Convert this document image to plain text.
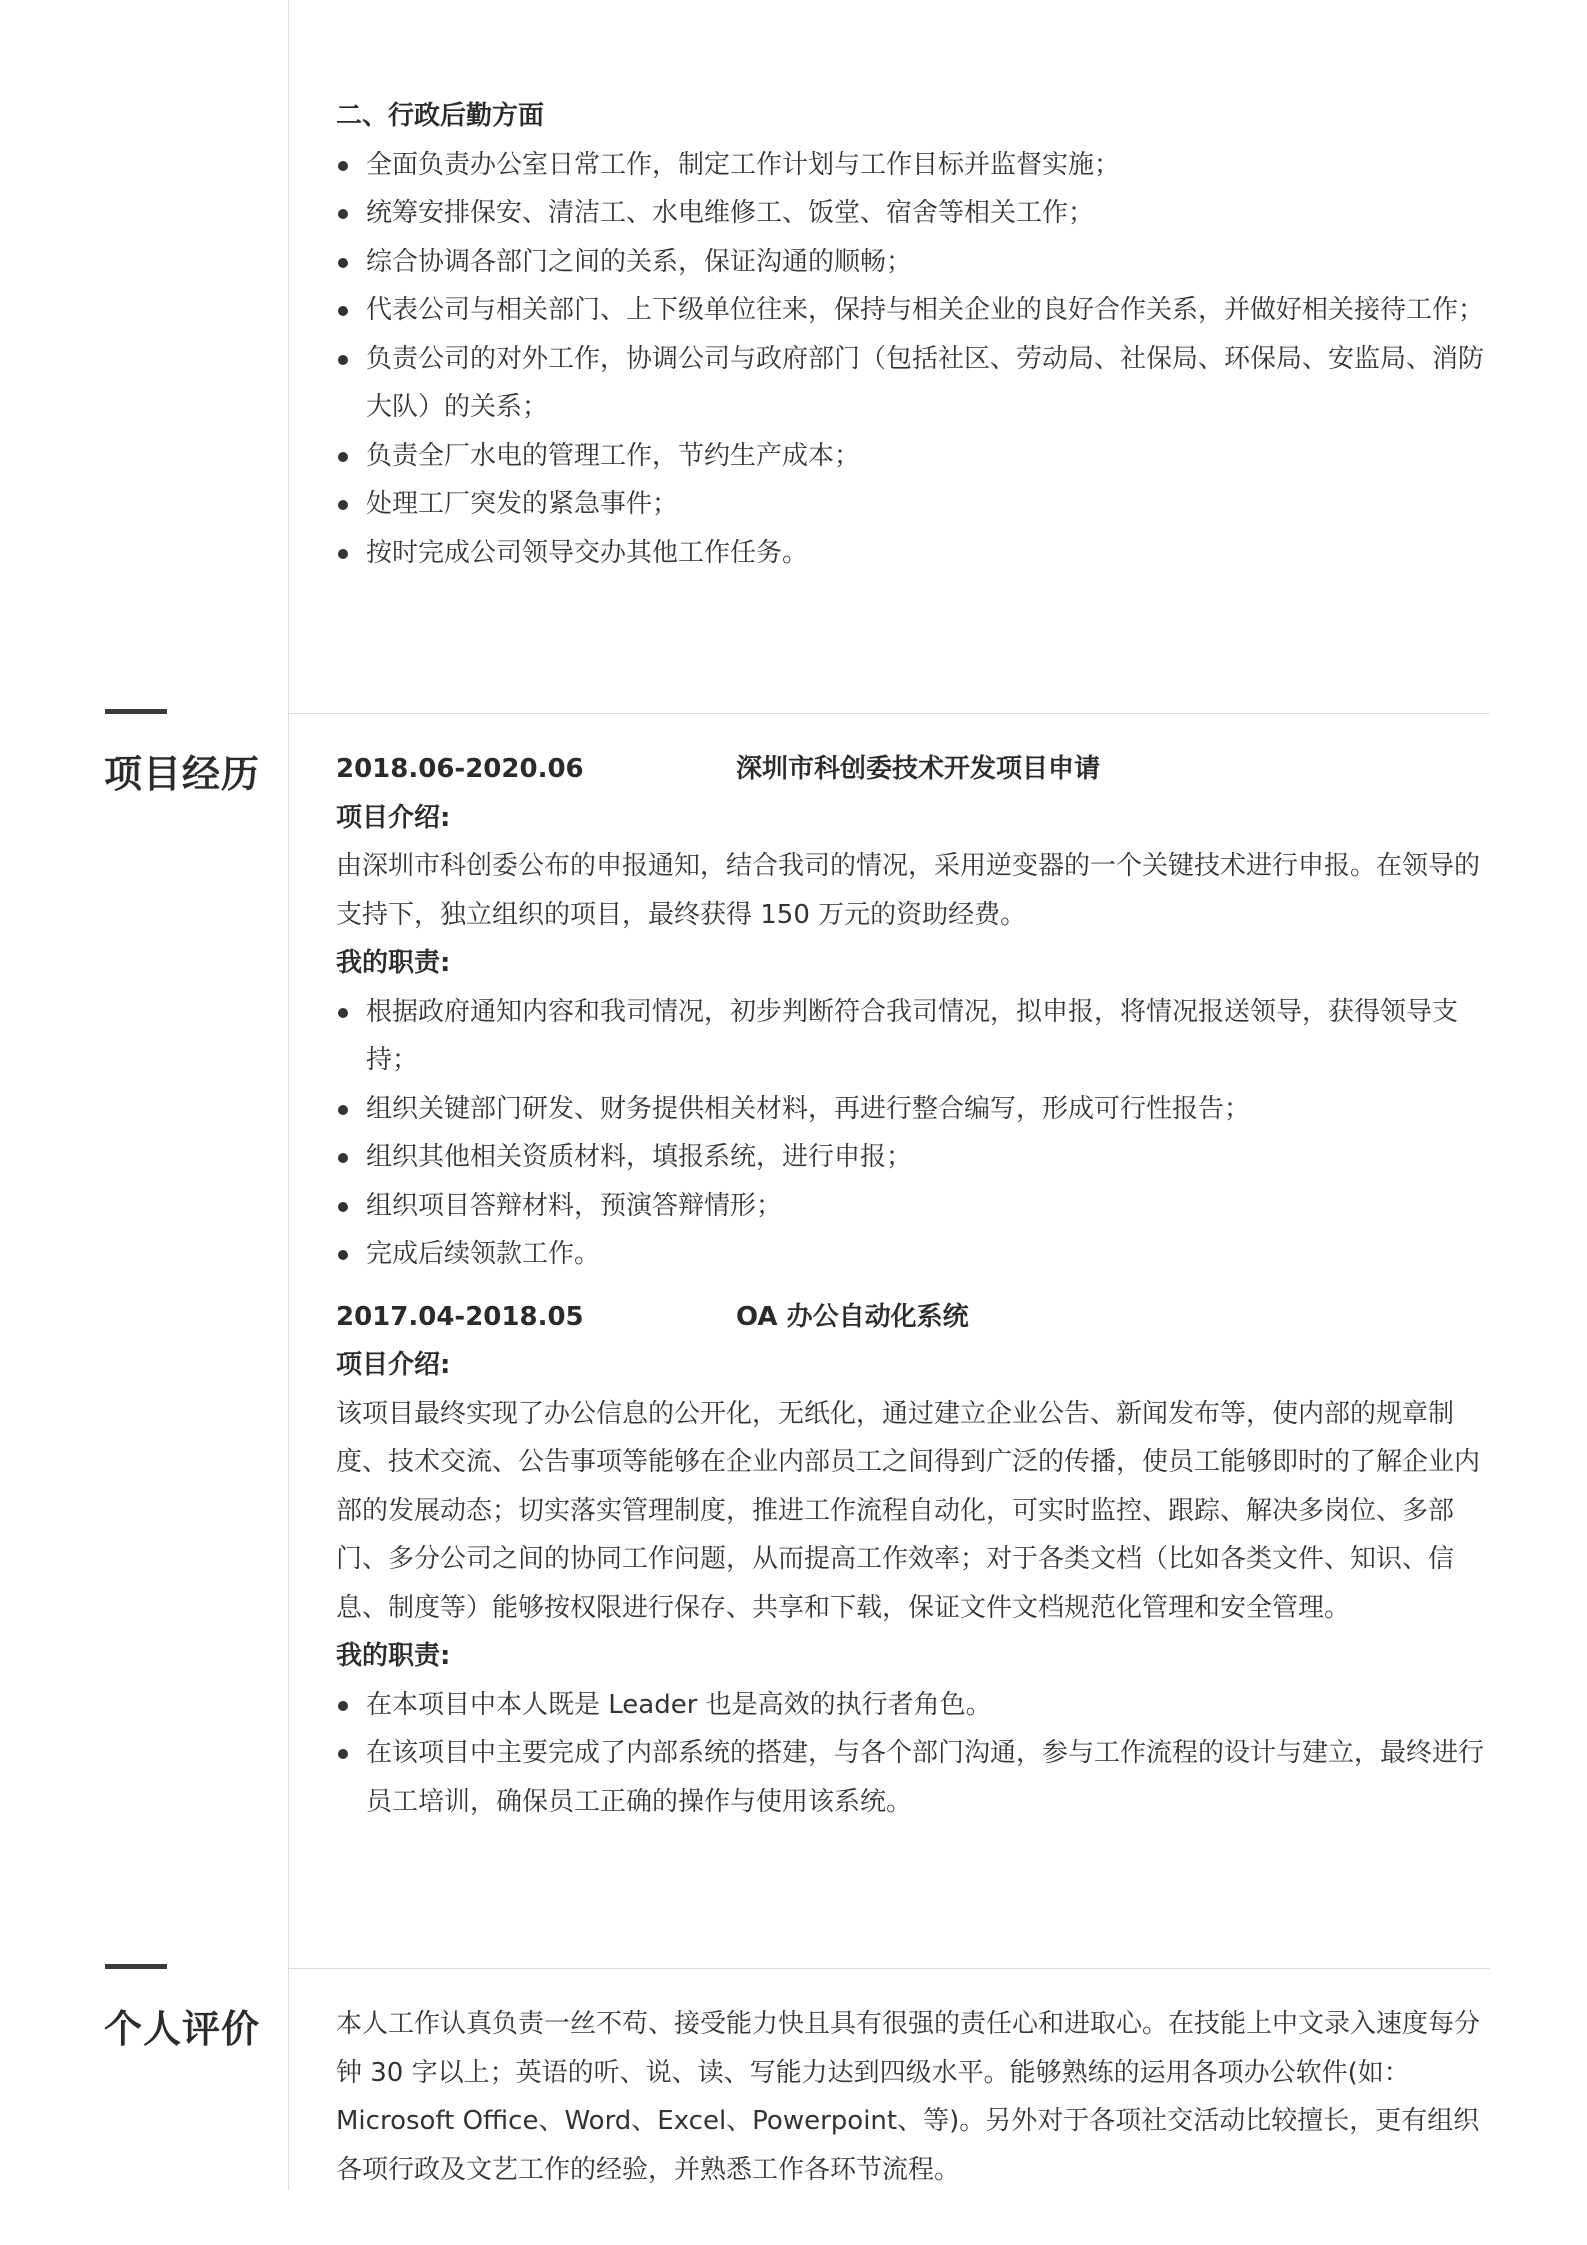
二、行政后勤方面

全面负责办公室日常工作，制定工作计划与工作目标并监督实施；
统筹安排保安、清洁工、水电维修工、饭堂、宿舍等相关工作；
综合协调各部门之间的关系，保证沟通的顺畅；
代表公司与相关部门、上下级单位往来，保持与相关企业的良好合作关系，并做好相关接待工作；
负责公司的对外工作，协调公司与政府部门（包括社区、劳动局、社保局、环保局、安监局、消防大队）的关系；
负责全厂水电的管理工作，节约生产成本；
处理工厂突发的紧急事件；
按时完成公司领导交办其他工作任务。
项目经历	2018.06-2020.06	深圳市科创委技术开发项目申请

项目介绍:

由深圳市科创委公布的申报通知，结合我司的情况，采用逆变器的一个关键技术进行申报。在领导的支持下，独立组织的项目，最终获得 150 万元的资助经费。

我的职责:

根据政府通知内容和我司情况，初步判断符合我司情况，拟申报，将情况报送领导，获得领导支持；
组织关键部门研发、财务提供相关材料，再进行整合编写，形成可行性报告；
组织其他相关资质材料，填报系统，进行申报；
组织项目答辩材料，预演答辩情形；
完成后续领款工作。
2017.04-2018.05	OA 办公自动化系统

项目介绍:

该项目最终实现了办公信息的公开化，无纸化，通过建立企业公告、新闻发布等，使内部的规章制度、技术交流、公告事项等能够在企业内部员工之间得到广泛的传播，使员工能够即时的了解企业内部的发展动态；切实落实管理制度，推进工作流程自动化，可实时监控、跟踪、解决多岗位、多部门、多分公司之间的协同工作问题，从而提高工作效率；对于各类文档（比如各类文件、知识、信息、制度等）能够按权限进行保存、共享和下载，保证文件文档规范化管理和安全管理。

我的职责:

在本项目中本人既是 Leader 也是高效的执行者角色。
在该项目中主要完成了内部系统的搭建，与各个部门沟通，参与工作流程的设计与建立，最终进行员工培训，确保员工正确的操作与使用该系统。
个人评价	本人工作认真负责一丝不苟、接受能力快且具有很强的责任心和进取心。在技能上中文录入速度每分钟 30 字以上；英语的听、说、读、写能力达到四级水平。能够熟练的运用各项办公软件(如：Microsoft Office、Word、Excel、Powerpoint、等)。另外对于各项社交活动比较擅长，更有组织各项行政及文艺工作的经验，并熟悉工作各环节流程。
